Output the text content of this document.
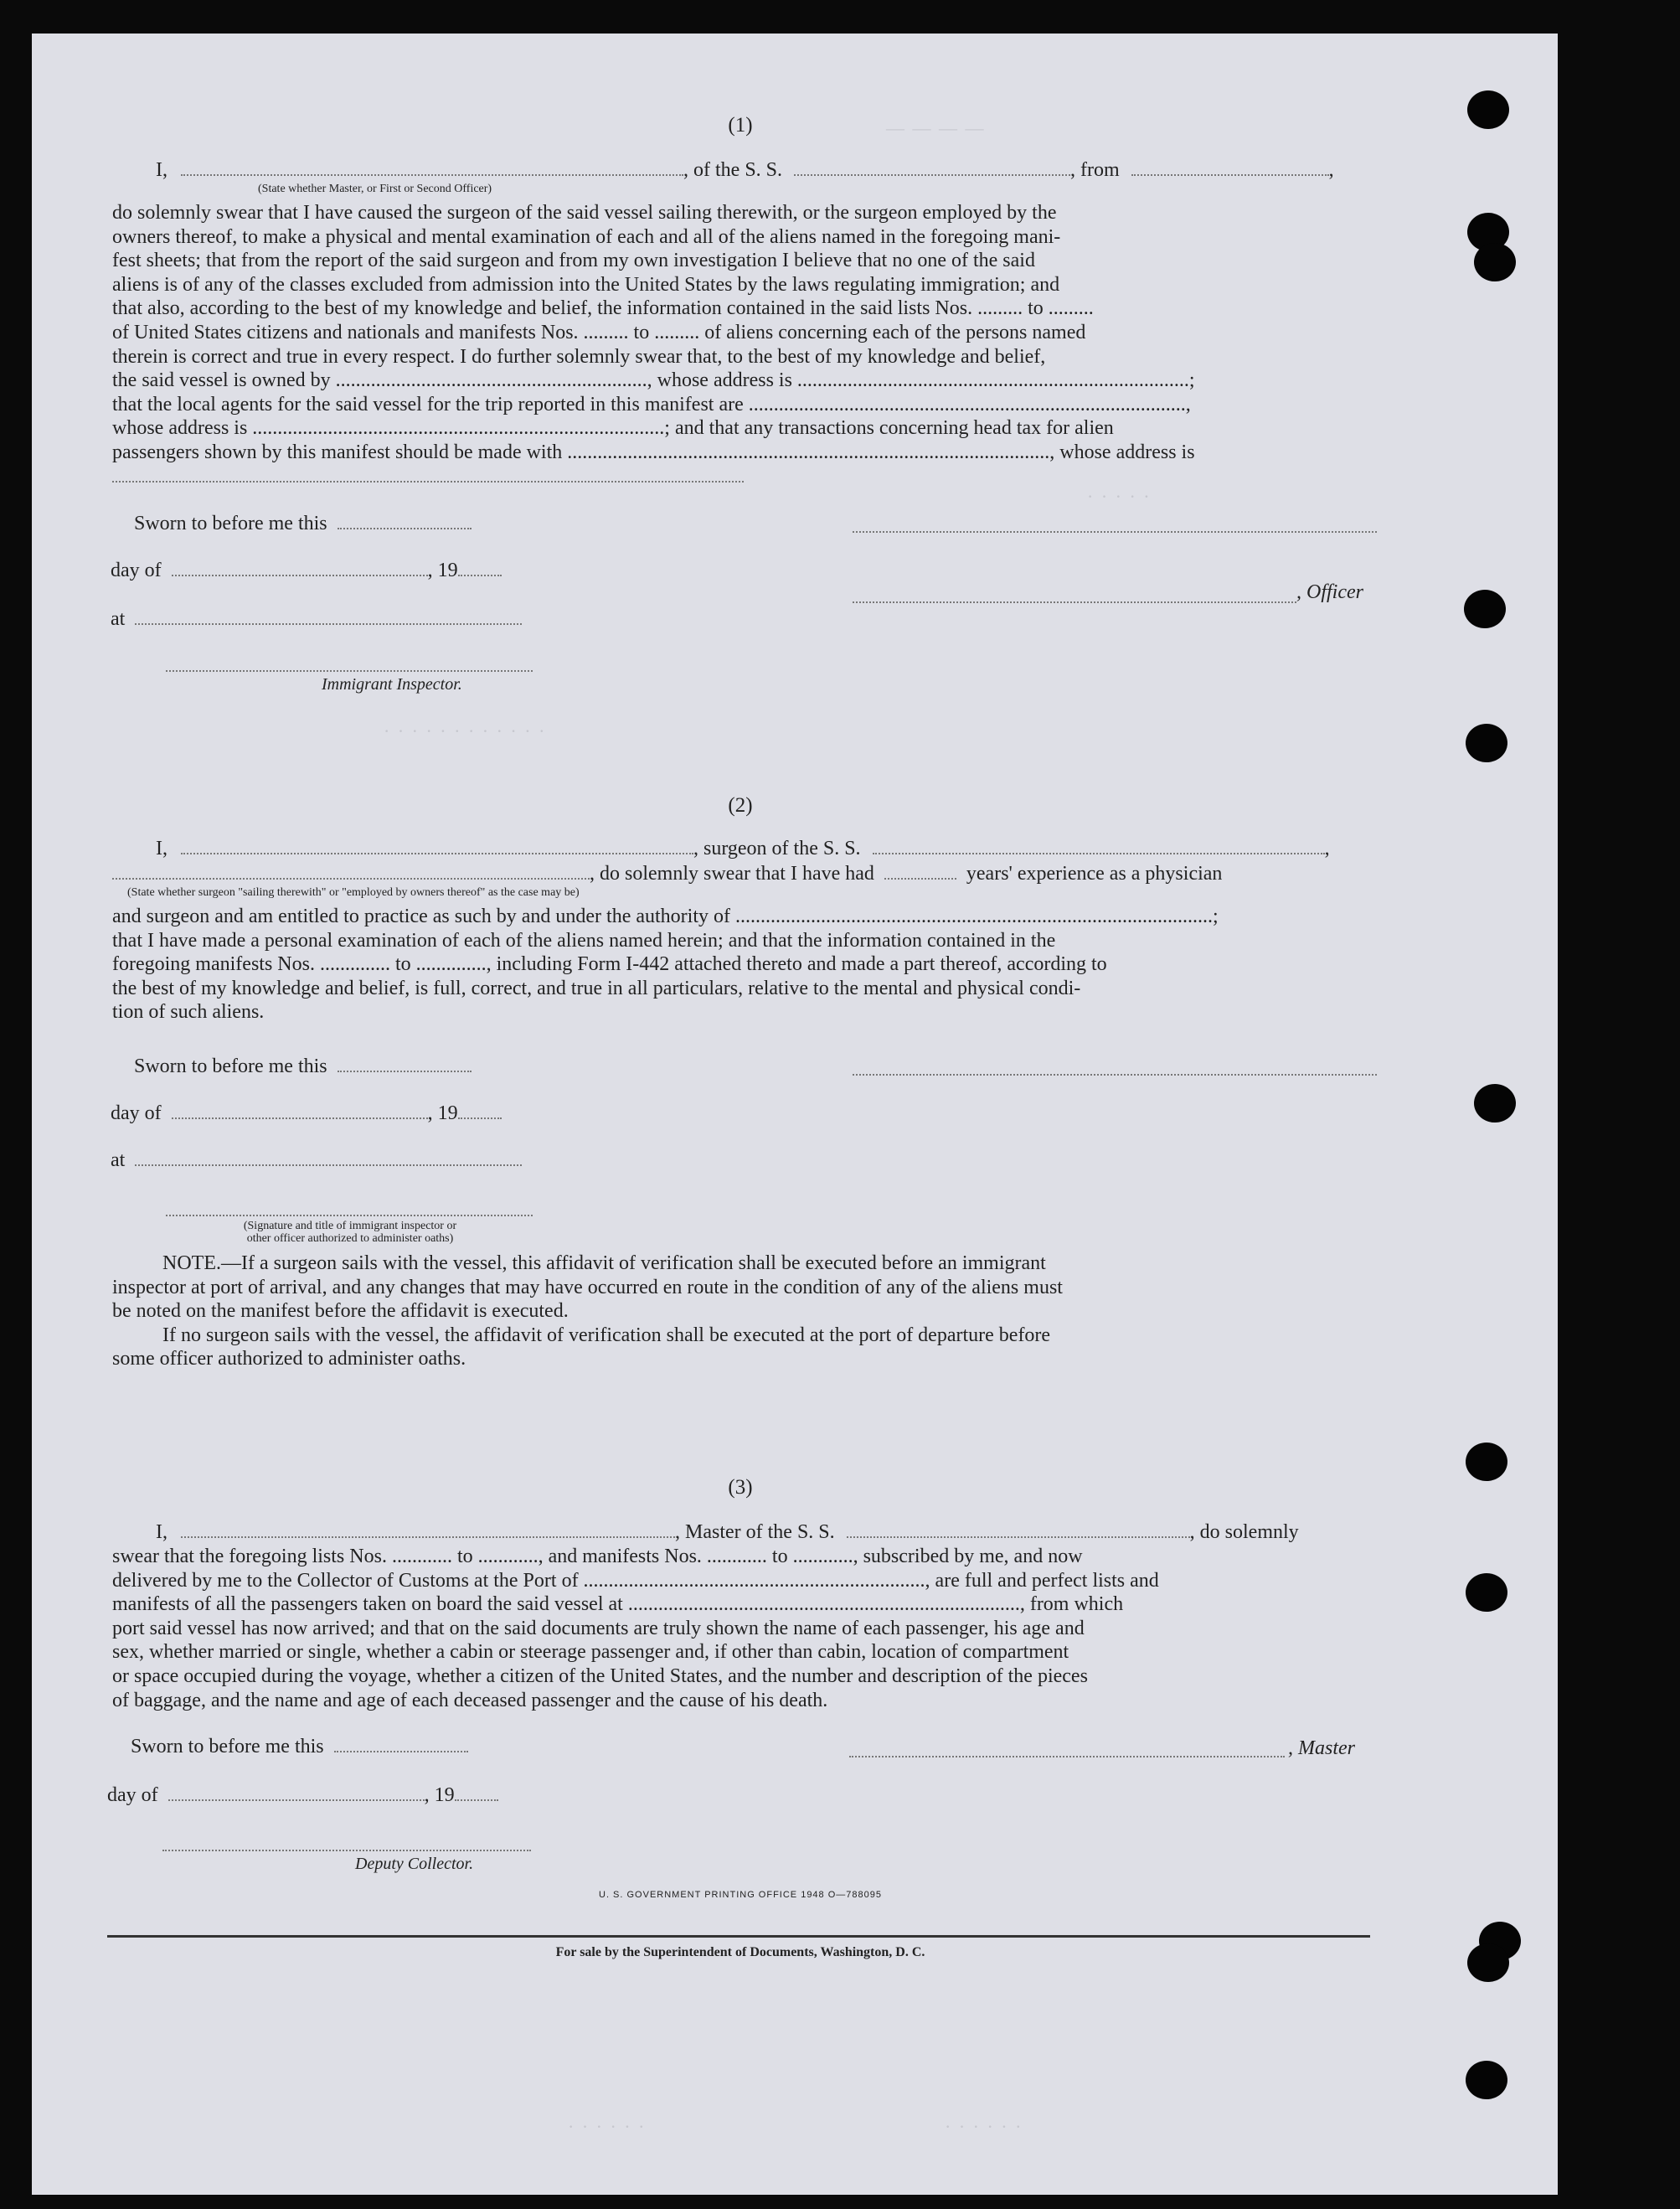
— — — —
· · · · ·
· · · · · · · · · · · ·
(1)

I,	, of the S. S.	, from	,

(State whether Master, or First or Second Officer)
do solemnly swear that I have caused the surgeon of the said vessel sailing therewith, or the surgeon employed by the
owners thereof, to make a physical and mental examination of each and all of the aliens named in the foregoing mani-
fest sheets; that from the report of the said surgeon and from my own investigation I believe that no one of the said
aliens is of any of the classes excluded from admission into the United States by the laws regulating immigration; and
that also, according to the best of my knowledge and belief, the information contained in the said lists Nos. ......... to .........
of United States citizens and nationals and manifests Nos. ......... to ......... of aliens concerning each of the persons named
therein is correct and true in every respect. I do further solemnly swear that, to the best of my knowledge and belief,
the said vessel is owned by .............................................................., whose address is ..............................................................................;
that the local agents for the said vessel for the trip reported in this manifest are .......................................................................................,
whose address is ..................................................................................; and that any transactions concerning head tax for alien
passengers shown by this manifest should be made with ................................................................................................, whose address is

Sworn to before me this

day of	, 19

at

, Officer
Immigrant Inspector.
(2)

I,	, surgeon of the S. S.	,

, do solemnly swear that I have had	years' experience as a physician

(State whether surgeon "sailing therewith" or "employed by owners thereof" as the case may be)
and surgeon and am entitled to practice as such by and under the authority of ...............................................................................................;
that I have made a personal examination of each of the aliens named herein; and that the information contained in the
foregoing manifests Nos. .............. to .............., including Form I-442 attached thereto and made a part thereof, according to
the best of my knowledge and belief, is full, correct, and true in all particulars, relative to the mental and physical condi-
tion of such aliens.

Sworn to before me this

day of	, 19

at

(Signature and title of immigrant inspector or
other officer authorized to administer oaths)
NOTE.—If a surgeon sails with the vessel, this affidavit of verification shall be executed before an immigrant
inspector at port of arrival, and any changes that may have occurred en route in the condition of any of the aliens must
be noted on the manifest before the affidavit is executed.
If no surgeon sails with the vessel, the affidavit of verification shall be executed at the port of departure before
some officer authorized to administer oaths.
(3)

I,	, Master of the S. S.	, do solemnly

swear that the foregoing lists Nos. ............ to ............, and manifests Nos. ............ to ............, subscribed by me, and now
delivered by me to the Collector of Customs at the Port of ...................................................................., are full and perfect lists and
manifests of all the passengers taken on board the said vessel at .............................................................................., from which
port said vessel has now arrived; and that on the said documents are truly shown the name of each passenger, his age and
sex, whether married or single, whether a cabin or steerage passenger and, if other than cabin, location of compartment
or space occupied during the voyage, whether a citizen of the United States, and the number and description of the pieces
of baggage, and the name and age of each deceased passenger and the cause of his death.

Sworn to before me this	, Master

day of	, 19

Deputy Collector.
U. S. GOVERNMENT PRINTING OFFICE 1948 O—788095
For sale by the Superintendent of Documents, Washington, D. C.
· · · · · ·	· · · · · ·
